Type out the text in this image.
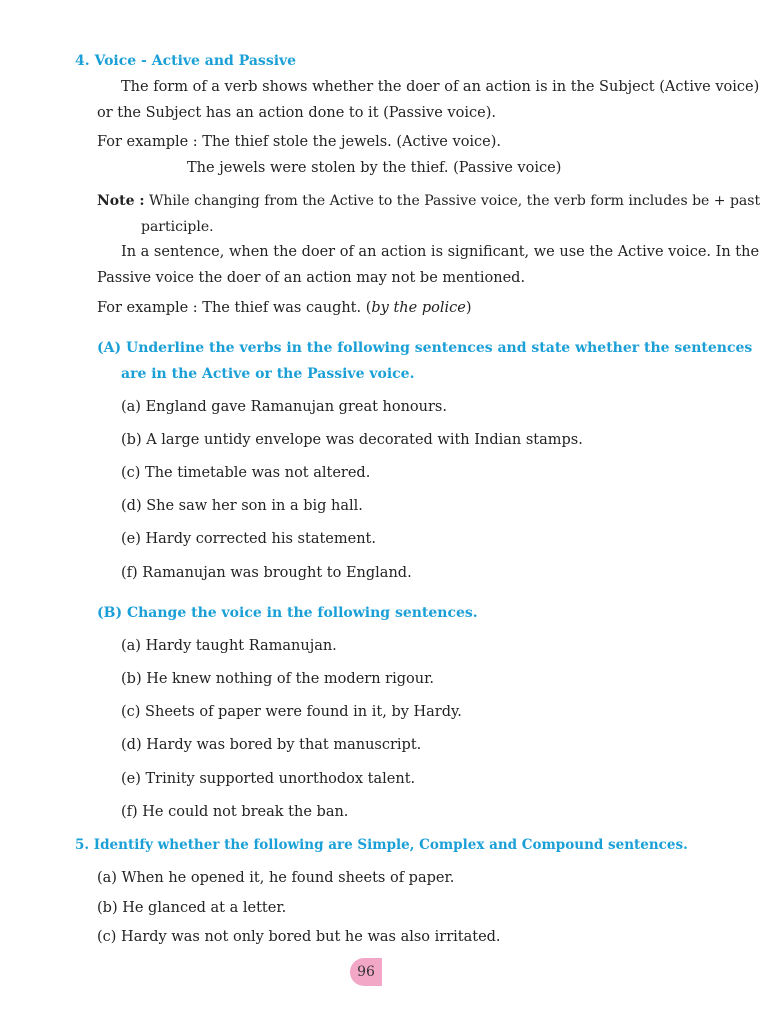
4. Voice - Active and Passive
The form of a verb shows whether the doer of an action is in the Subject (Active voice)
or the Subject has an action done to it (Passive voice).
For example : The thief stole the jewels. (Active voice).
The jewels were stolen by the thief. (Passive voice)
Note : While changing from the Active to the Passive voice, the verb form includes be + past
participle.
In a sentence, when the doer of an action is significant, we use the Active voice. In the
Passive voice the doer of an action may not be mentioned.
For example : The thief was caught. (by the police)
(A) Underline the verbs in the following sentences and state whether the sentences
are in the Active or the Passive voice.
(a) England gave Ramanujan great honours.
(b) A large untidy envelope was decorated with Indian stamps.
(c) The timetable was not altered.
(d) She saw her son in a big hall.
(e) Hardy corrected his statement.
(f) Ramanujan was brought to England.
(B) Change the voice in the following sentences.
(a) Hardy taught Ramanujan.
(b) He knew nothing of the modern rigour.
(c) Sheets of paper were found in it, by Hardy.
(d) Hardy was bored by that manuscript.
(e) Trinity supported unorthodox talent.
(f) He could not break the ban.
5. Identify whether the following are Simple, Complex and Compound sentences.
(a) When he opened it, he found sheets of paper.
(b) He glanced at a letter.
(c) Hardy was not only bored but he was also irritated.
96
